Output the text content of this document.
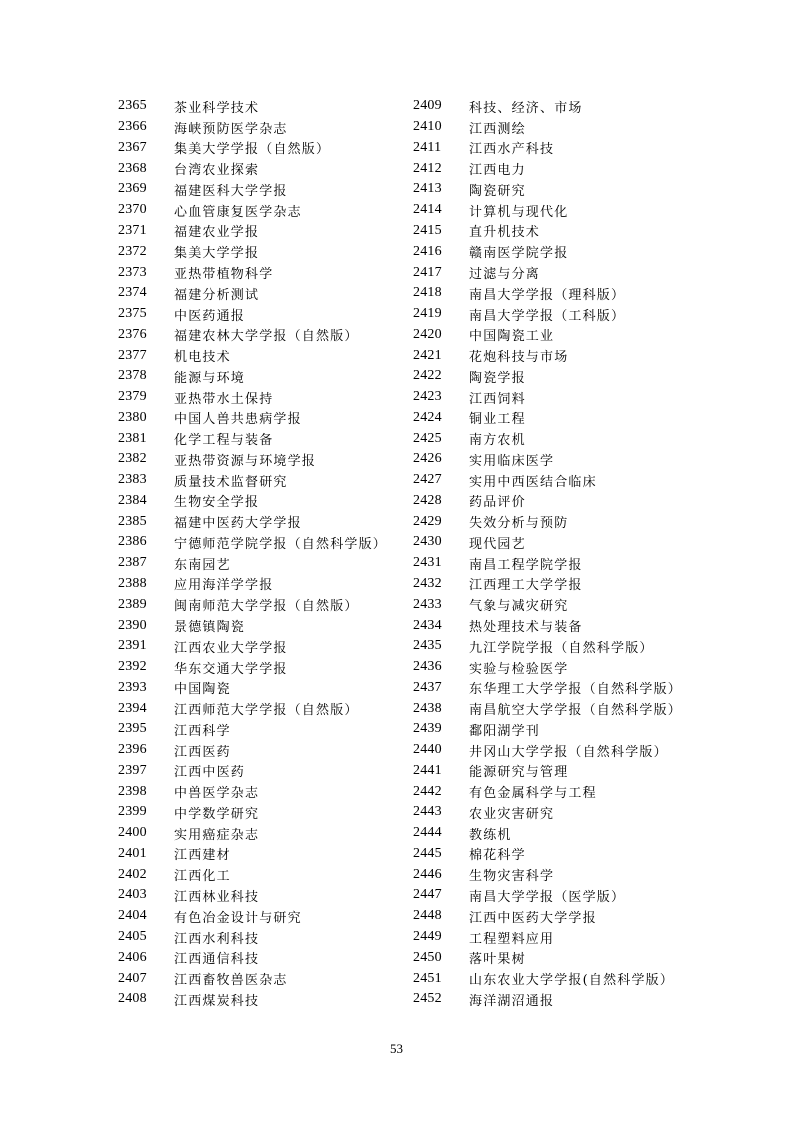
2365	茶业科学技术
2366	海峡预防医学杂志
2367	集美大学学报（自然版）
2368	台湾农业探索
2369	福建医科大学学报
2370	心血管康复医学杂志
2371	福建农业学报
2372	集美大学学报
2373	亚热带植物科学
2374	福建分析测试
2375	中医药通报
2376	福建农林大学学报（自然版）
2377	机电技术
2378	能源与环境
2379	亚热带水土保持
2380	中国人兽共患病学报
2381	化学工程与装备
2382	亚热带资源与环境学报
2383	质量技术监督研究
2384	生物安全学报
2385	福建中医药大学学报
2386	宁德师范学院学报（自然科学版）
2387	东南园艺
2388	应用海洋学学报
2389	闽南师范大学学报（自然版）
2390	景德镇陶瓷
2391	江西农业大学学报
2392	华东交通大学学报
2393	中国陶瓷
2394	江西师范大学学报（自然版）
2395	江西科学
2396	江西医药
2397	江西中医药
2398	中兽医学杂志
2399	中学数学研究
2400	实用癌症杂志
2401	江西建材
2402	江西化工
2403	江西林业科技
2404	有色冶金设计与研究
2405	江西水利科技
2406	江西通信科技
2407	江西畜牧兽医杂志
2408	江西煤炭科技
2409	科技、经济、市场
2410	江西测绘
2411	江西水产科技
2412	江西电力
2413	陶瓷研究
2414	计算机与现代化
2415	直升机技术
2416	赣南医学院学报
2417	过滤与分离
2418	南昌大学学报（理科版）
2419	南昌大学学报（工科版）
2420	中国陶瓷工业
2421	花炮科技与市场
2422	陶瓷学报
2423	江西饲料
2424	铜业工程
2425	南方农机
2426	实用临床医学
2427	实用中西医结合临床
2428	药品评价
2429	失效分析与预防
2430	现代园艺
2431	南昌工程学院学报
2432	江西理工大学学报
2433	气象与减灾研究
2434	热处理技术与装备
2435	九江学院学报（自然科学版）
2436	实验与检验医学
2437	东华理工大学学报（自然科学版）
2438	南昌航空大学学报（自然科学版）
2439	鄱阳湖学刊
2440	井冈山大学学报（自然科学版）
2441	能源研究与管理
2442	有色金属科学与工程
2443	农业灾害研究
2444	教练机
2445	棉花科学
2446	生物灾害科学
2447	南昌大学学报（医学版）
2448	江西中医药大学学报
2449	工程塑料应用
2450	落叶果树
2451	山东农业大学学报(自然科学版）
2452	海洋湖沼通报
53
